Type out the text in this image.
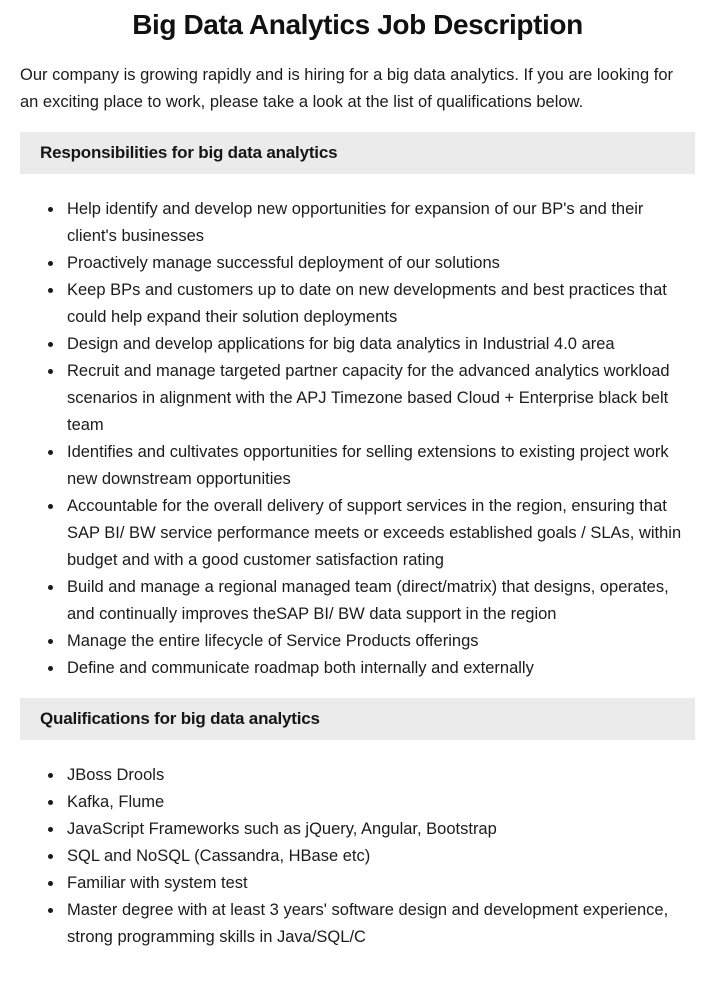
Big Data Analytics Job Description

Our company is growing rapidly and is hiring for a big data analytics. If you are looking for an exciting place to work, please take a look at the list of qualifications below.

Responsibilities for big data analytics
• Help identify and develop new opportunities for expansion of our BP's and their client's businesses
• Proactively manage successful deployment of our solutions
• Keep BPs and customers up to date on new developments and best practices that could help expand their solution deployments
• Design and develop applications for big data analytics in Industrial 4.0 area
• Recruit and manage targeted partner capacity for the advanced analytics workload scenarios in alignment with the APJ Timezone based Cloud + Enterprise black belt team
• Identifies and cultivates opportunities for selling extensions to existing project work new downstream opportunities
• Accountable for the overall delivery of support services in the region, ensuring that SAP BI/ BW service performance meets or exceeds established goals / SLAs, within budget and with a good customer satisfaction rating
• Build and manage a regional managed team (direct/matrix) that designs, operates, and continually improves theSAP BI/ BW data support in the region
• Manage the entire lifecycle of Service Products offerings
• Define and communicate roadmap both internally and externally
Qualifications for big data analytics
• JBoss Drools
• Kafka, Flume
• JavaScript Frameworks such as jQuery, Angular, Bootstrap
• SQL and NoSQL (Cassandra, HBase etc)
• Familiar with system test
• Master degree with at least 3 years' software design and development experience, strong programming skills in Java/SQL/C
